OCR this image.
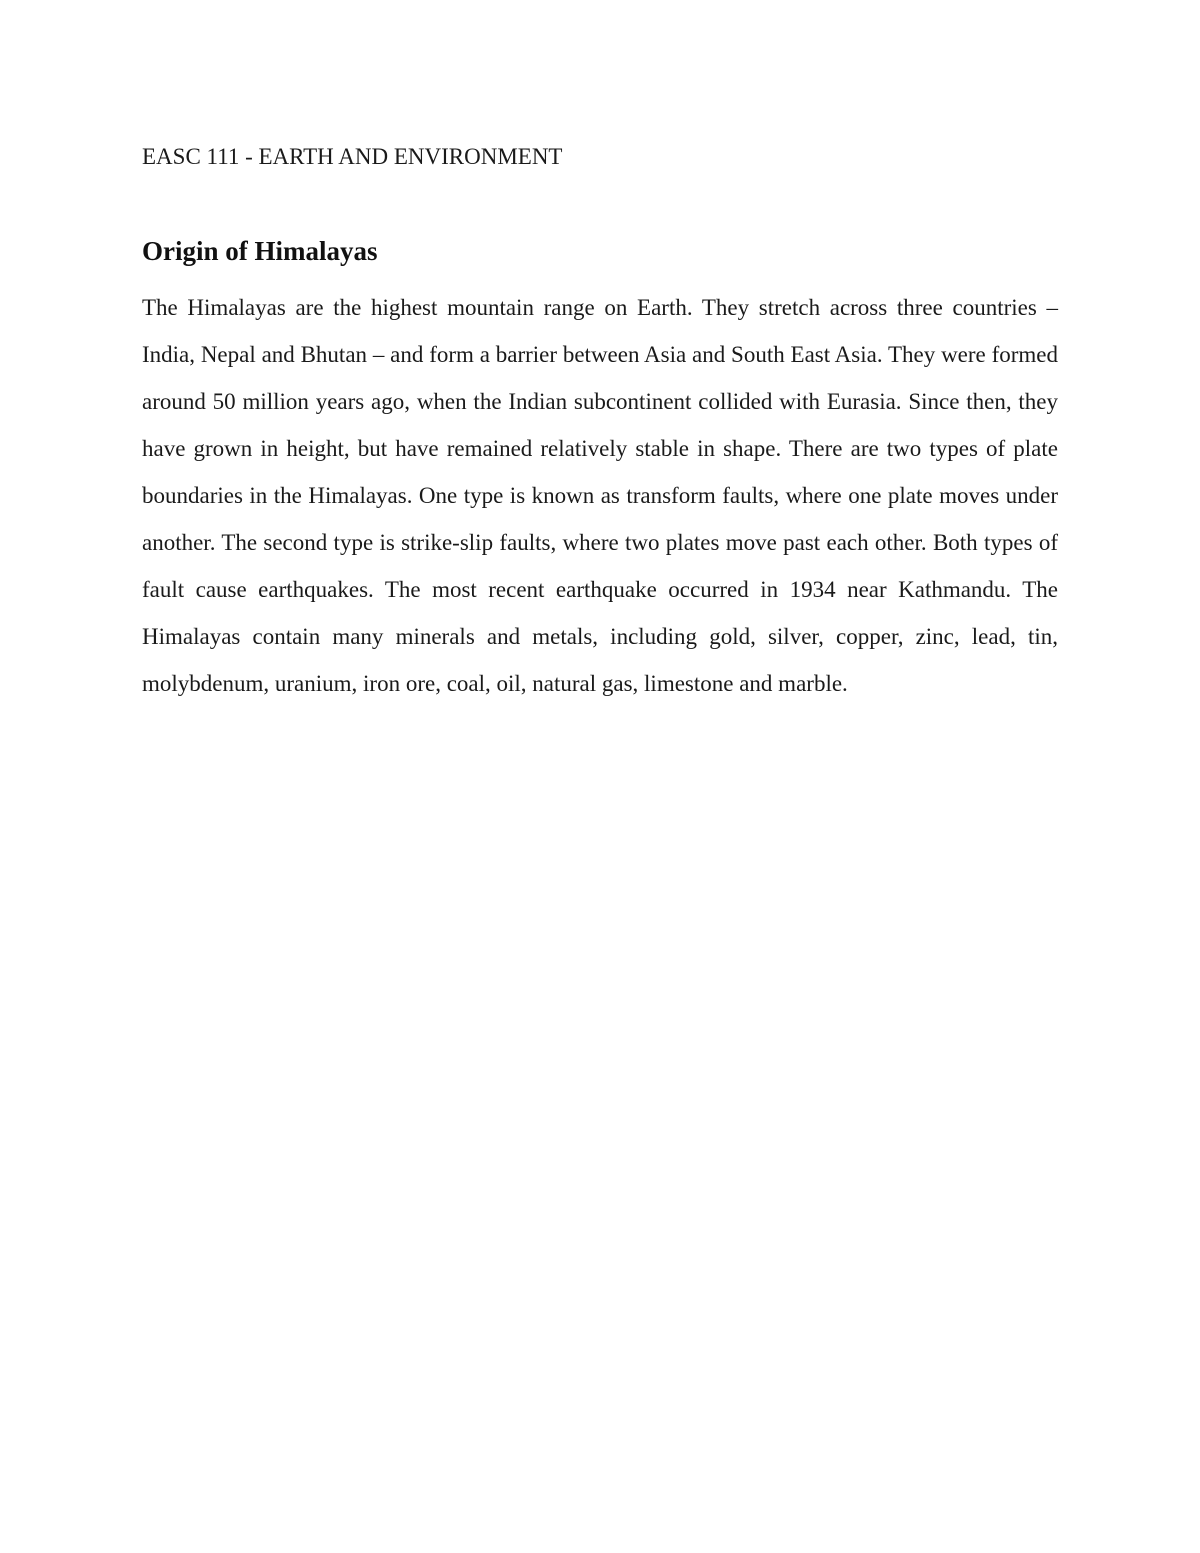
EASC 111 - EARTH AND ENVIRONMENT

Origin of Himalayas

The Himalayas are the highest mountain range on Earth. They stretch across three countries – India, Nepal and Bhutan – and form a barrier between Asia and South East Asia. They were formed around 50 million years ago, when the Indian subcontinent collided with Eurasia. Since then, they have grown in height, but have remained relatively stable in shape. There are two types of plate boundaries in the Himalayas. One type is known as transform faults, where one plate moves under another. The second type is strike-slip faults, where two plates move past each other. Both types of fault cause earthquakes. The most recent earthquake occurred in 1934 near Kathmandu. The Himalayas contain many minerals and metals, including gold, silver, copper, zinc, lead, tin, molybdenum, uranium, iron ore, coal, oil, natural gas, limestone and marble.
